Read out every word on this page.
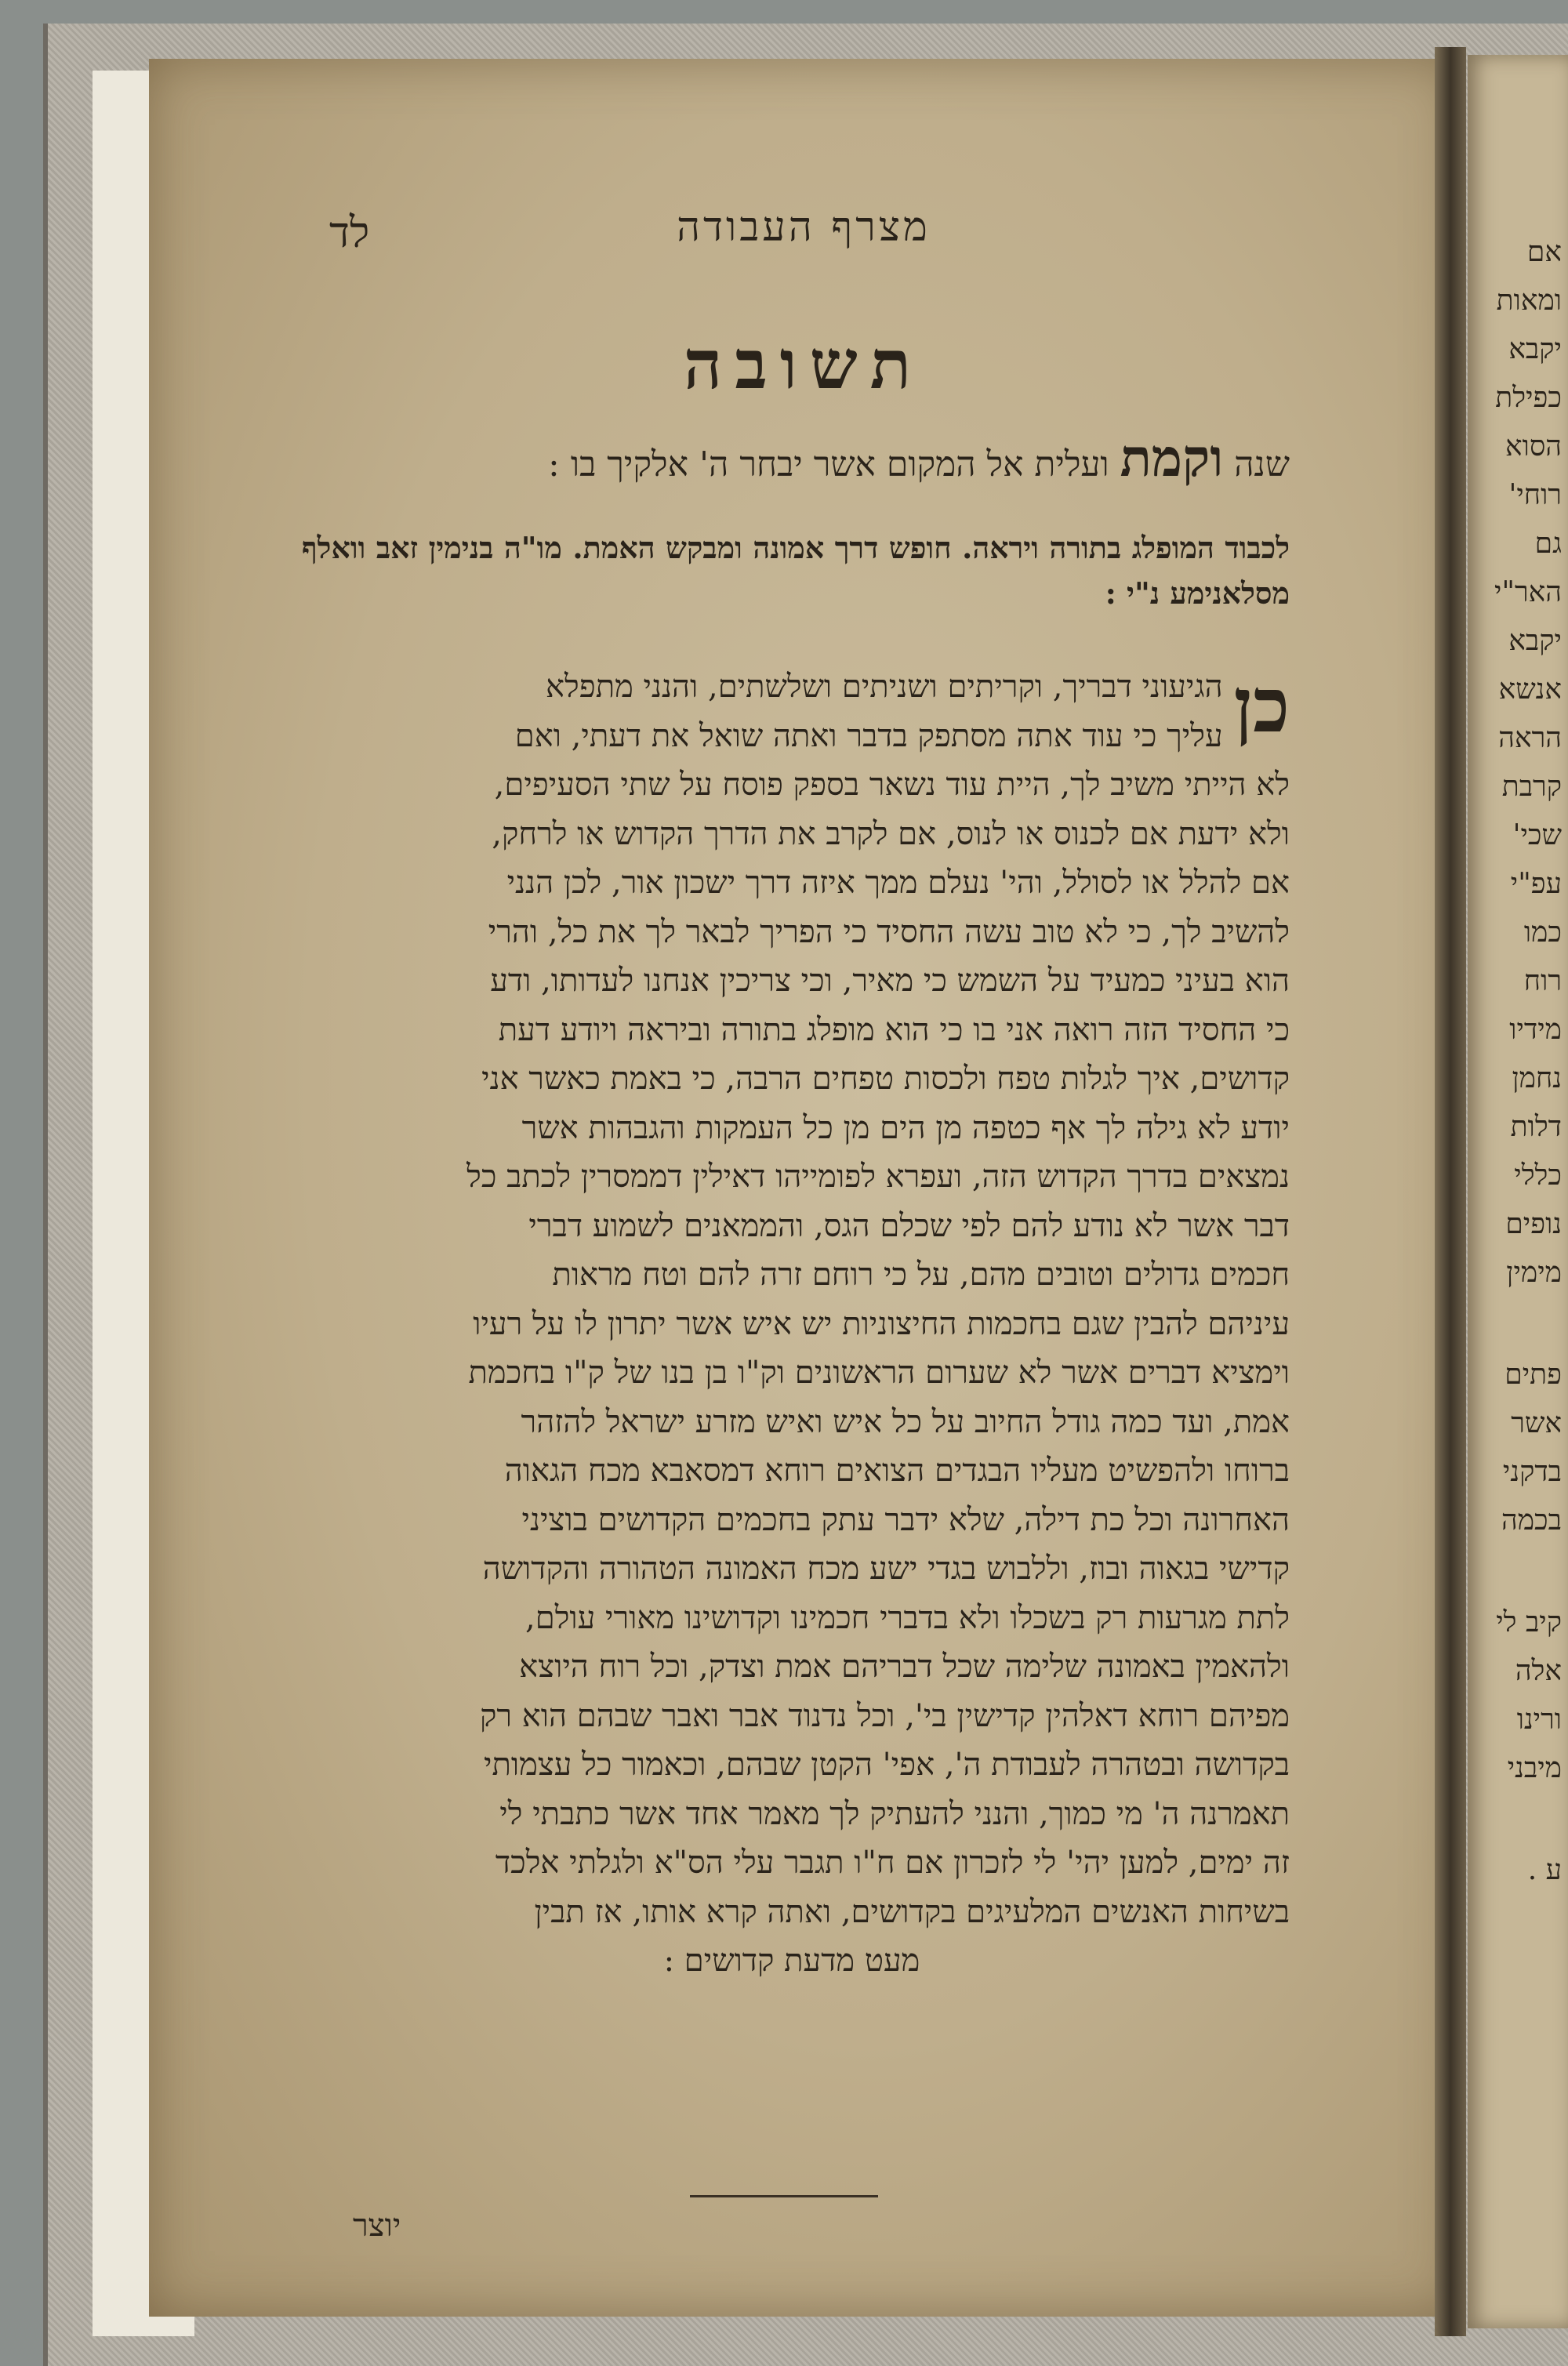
מצרף העבודה
לד
תשובה
שנה וקמת ועלית אל המקום אשר יבחר ה' אלקיך בו :
לכבוד המופלג בתורה ויראה. חופש דרך אמונה ומבקש האמת. מו"ה בנימין זאב וואלף מסלאנימע נ"י :
כן
הגיעוני דבריך, וקריתים ושניתים ושלשתים, והנני מתפלא
עליך כי עוד אתה מסתפק בדבר ואתה שואל את דעתי, ואם
לא הייתי משיב לך, היית עוד נשאר בספק פוסח על שתי הסעיפים,
ולא ידעת אם לכנוס או לנוס, אם לקרב את הדרך הקדוש או לרחק,
אם להלל או לסולל, והי' נעלם ממך איזה דרך ישכון אור, לכן הנני
להשיב לך, כי לא טוב עשה החסיד כי הפריך לבאר לך את כל, והרי
הוא בעיני כמעיד על השמש כי מאיר, וכי צריכין אנחנו לעדותו, ודע
כי החסיד הזה רואה אני בו כי הוא מופלג בתורה וביראה ויודע דעת
קדושים, איך לגלות טפח ולכסות טפחים הרבה, כי באמת כאשר אני
יודע לא גילה לך אף כטפה מן הים מן כל העמקות והגבהות אשר
נמצאים בדרך הקדוש הזה, ועפרא לפומייהו דאילין דממסרין לכתב כל
דבר אשר לא נודע להם לפי שכלם הגס, והממאנים לשמוע דברי
חכמים גדולים וטובים מהם, על כי רוחם זרה להם וטח מראות
עיניהם להבין שגם בחכמות החיצוניות יש איש אשר יתרון לו על רעיו
וימציא דברים אשר לא שערום הראשונים וק"ו בן בנו של ק"ו בחכמת
אמת, ועד כמה גודל החיוב על כל איש ואיש מזרע ישראל להזהר
ברוחו ולהפשיט מעליו הבגדים הצואים רוחא דמסאבא מכח הגאוה
האחרונה וכל כת דילה, שלא ידבר עתק בחכמים הקדושים בוציני
קדישי בגאוה ובוז, וללבוש בגדי ישע מכח האמונה הטהורה והקדושה
לתת מגרעות רק בשכלו ולא בדברי חכמינו וקדושינו מאורי עולם,
ולהאמין באמונה שלימה שכל דבריהם אמת וצדק, וכל רוח היוצא
מפיהם רוחא דאלהין קדישין בי', וכל נדנוד אבר ואבר שבהם הוא רק
בקדושה ובטהרה לעבודת ה', אפי' הקטן שבהם, וכאמור כל עצמותי
תאמרנה ה' מי כמוך, והנני להעתיק לך מאמר אחד אשר כתבתי לי
זה ימים, למען יהי' לי לזכרון אם ח"ו תגבר עלי הס"א ולגלתי אלכד
בשיחות האנשים המלעיגים בקדושים, ואתה קרא אותו, אז תבין
מעט מדעת קדושים :
יוצר
אם
ומאות
יקבא
כפילת
הסוא
רוחי'
גם
האר"י
יקבא
אנשא
הראה
קרבת
שכי'
עפ"י
כמו
רוח
מידיו
נחמן
דלות
כללי
נופים
מימין
פתים
אשר
בדקני
בכמה
קיב לי
אלה
ורינו
מיבני
ע .
